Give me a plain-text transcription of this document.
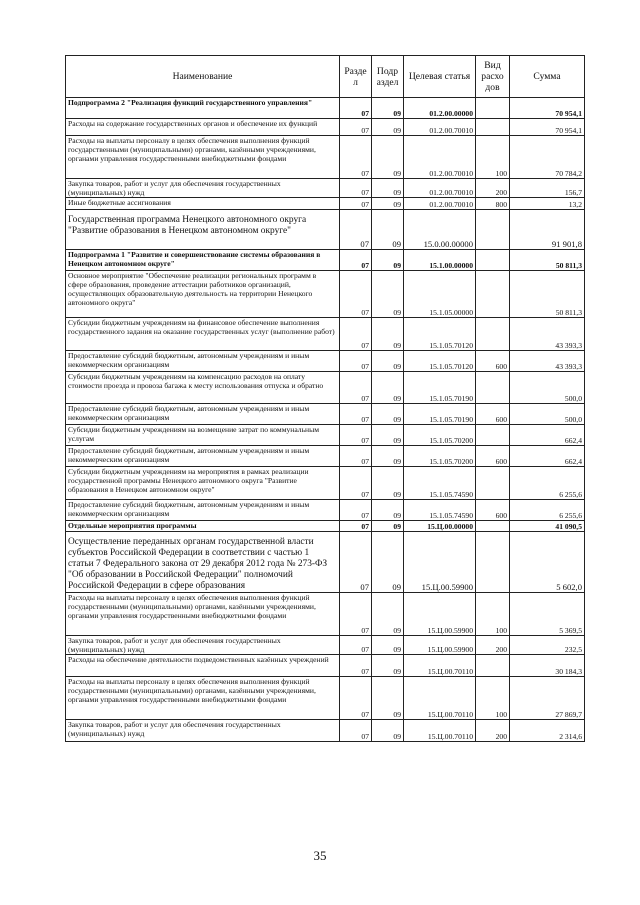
Наименование	Разде л	Подр аздел	Целевая статья	Вид расхо дов	Сумма
Подпрограмма 2 "Реализация функций государственного управления"	07	09	01.2.00.00000		70 954,1
Расходы на содержание государственных органов и обеспечение их функций	07	09	01.2.00.70010		70 954,1
Расходы на выплаты персоналу в целях обеспечения выполнения функций государственными (муниципальными) органами, казёнными учреждениями, органами управления государственными внебюджетными фондами	07	09	01.2.00.70010	100	70 784,2
Закупка товаров, работ и услуг для обеспечения государственных (муниципальных) нужд	07	09	01.2.00.70010	200	156,7
Иные бюджетные ассигнования	07	09	01.2.00.70010	800	13,2
Государственная программа Ненецкого автономного округа "Развитие образования в Ненецком автономном округе"	07	09	15.0.00.00000		91 901,8
Подпрограмма 1 "Развитие и совершенствование системы образования в Ненецком автономном округе"	07	09	15.1.00.00000		50 811,3
Основное мероприятие "Обеспечение реализации региональных программ в сфере образования, проведение аттестации работников организаций, осуществляющих образовательную деятельность на территории Ненецкого автономного округа"	07	09	15.1.05.00000		50 811,3
Субсидии бюджетным учреждениям на финансовое обеспечение выполнения государственного задания на оказание государственных услуг (выполнение работ)	07	09	15.1.05.70120		43 393,3
Предоставление субсидий бюджетным, автономным учреждениям и иным некоммерческим организациям	07	09	15.1.05.70120	600	43 393,3
Субсидии бюджетным учреждениям на компенсацию расходов на оплату стоимости проезда и провоза багажа к месту использования отпуска и обратно	07	09	15.1.05.70190		500,0
Предоставление субсидий бюджетным, автономным учреждениям и иным некоммерческим организациям	07	09	15.1.05.70190	600	500,0
Субсидии бюджетным учреждениям на возмещение затрат по коммунальным услугам	07	09	15.1.05.70200		662,4
Предоставление субсидий бюджетным, автономным учреждениям и иным некоммерческим организациям	07	09	15.1.05.70200	600	662,4
Субсидии бюджетным учреждениям на мероприятия в рамках реализации государственной программы Ненецкого автономного округа "Развитие образования в Ненецком автономном округе"	07	09	15.1.05.74590		6 255,6
Предоставление субсидий бюджетным, автономным учреждениям и иным некоммерческим организациям	07	09	15.1.05.74590	600	6 255,6
Отдельные мероприятия программы	07	09	15.Ц.00.00000		41 090,5
Осуществление переданных органам государственной власти субъектов Российской Федерации в соответствии с частью 1 статьи 7 Федерального закона от 29 декабря 2012 года № 273-ФЗ "Об образовании в Российской Федерации" полномочий Российской Федерации в сфере образования	07	09	15.Ц.00.59900		5 602,0
Расходы на выплаты персоналу в целях обеспечения выполнения функций государственными (муниципальными) органами, казёнными учреждениями, органами управления государственными внебюджетными фондами	07	09	15.Ц.00.59900	100	5 369,5
Закупка товаров, работ и услуг для обеспечения государственных (муниципальных) нужд	07	09	15.Ц.00.59900	200	232,5
Расходы на обеспечение деятельности подведомственных казённых учреждений	07	09	15.Ц.00.70110		30 184,3
Расходы на выплаты персоналу в целях обеспечения выполнения функций государственными (муниципальными) органами, казёнными учреждениями, органами управления государственными внебюджетными фондами	07	09	15.Ц.00.70110	100	27 869,7
Закупка товаров, работ и услуг для обеспечения государственных (муниципальных) нужд	07	09	15.Ц.00.70110	200	2 314,6
35
